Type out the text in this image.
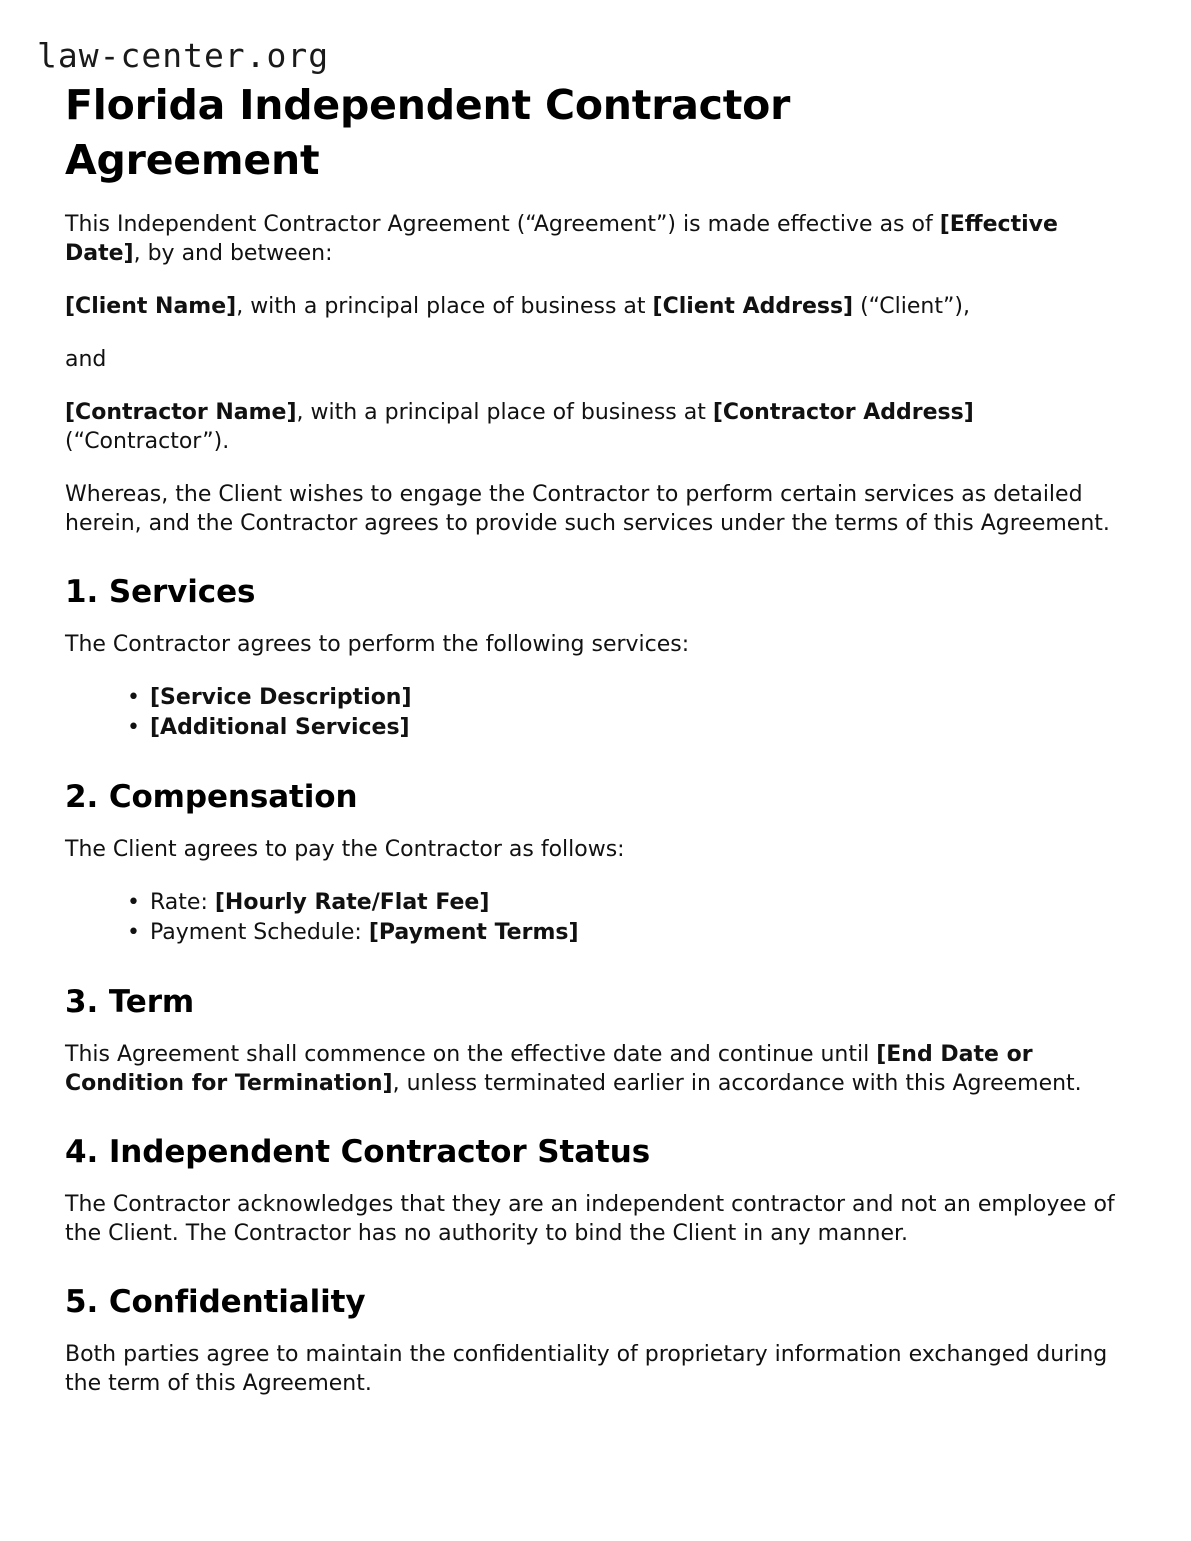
law-center.org
Florida Independent Contractor Agreement

This Independent Contractor Agreement (“Agreement”) is made effective as of [Effective Date], by and between:

[Client Name], with a principal place of business at [Client Address] (“Client”),

and

[Contractor Name], with a principal place of business at [Contractor Address] (“Contractor”).

Whereas, the Client wishes to engage the Contractor to perform certain services as detailed herein, and the Contractor agrees to provide such services under the terms of this Agreement.

1. Services

The Contractor agrees to perform the following services:

• [Service Description]
• [Additional Services]
2. Compensation

The Client agrees to pay the Contractor as follows:

• Rate: [Hourly Rate/Flat Fee]
• Payment Schedule: [Payment Terms]
3. Term

This Agreement shall commence on the effective date and continue until [End Date or Condition for Termination], unless terminated earlier in accordance with this Agreement.

4. Independent Contractor Status

The Contractor acknowledges that they are an independent contractor and not an employee of the Client. The Contractor has no authority to bind the Client in any manner.

5. Confidentiality

Both parties agree to maintain the confidentiality of proprietary information exchanged during the term of this Agreement.
